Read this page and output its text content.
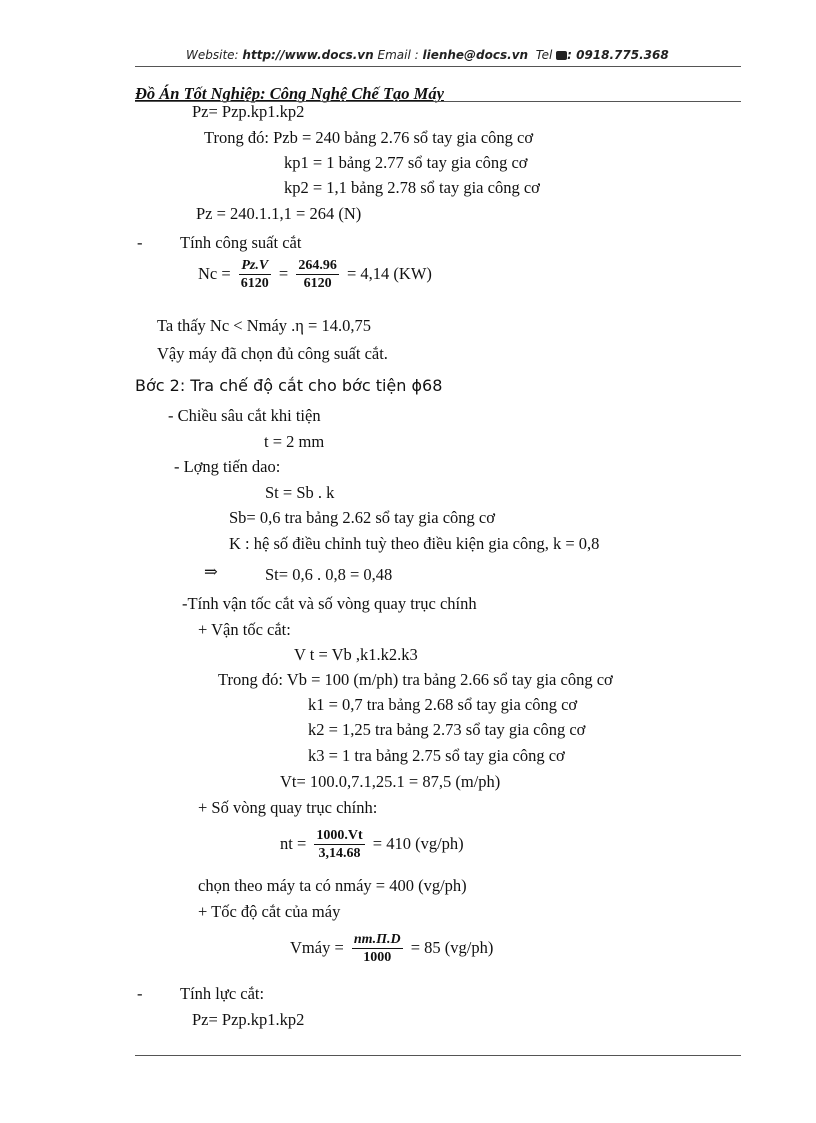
Website: http://www.docs.vn Email : lienhe@docs.vn Tel : 0918.775.368
Đồ Án Tốt Nghiệp: Công Nghệ Chế Tạo Máy
Pz= Pzp.kp1.kp2
Trong đó: Pzb = 240 bảng 2.76 sổ tay gia công cơ
kp1 = 1 bảng 2.77 sổ tay gia công cơ
kp2 = 1,1 bảng 2.78 sổ tay gia công cơ
Pz = 240.1.1,1 = 264 (N)
- Tính công suất cắt
$Nc = \frac{Pz.V}{6120} = \frac{264.96}{6120} = 4,14$ (KW)
Ta thấy Nc < Nmáy .η = 14.0,75
Vậy máy đã chọn đủ công suất cắt.
Bớc 2: Tra chế độ cắt cho bớc tiện ϕ68
- Chiều sâu cắt khi tiện
t = 2 mm
- Lợng tiến dao:
St = Sb . k
Sb= 0,6 tra bảng 2.62 sổ tay gia công cơ
K : hệ số điều chỉnh tuỳ theo điều kiện gia công, k = 0,8
⇒	St= 0,6 . 0,8 = 0,48
-Tính vận tốc cắt và số vòng quay trục chính
+ Vận tốc cắt:
V t = Vb ,k1.k2.k3
Trong đó: Vb = 100 (m/ph) tra bảng 2.66 sổ tay gia công cơ
k1 = 0,7 tra bảng 2.68 sổ tay gia công cơ
k2 = 1,25 tra bảng 2.73 sổ tay gia công cơ
k3 = 1 tra bảng 2.75 sổ tay gia công cơ
Vt= 100.0,7.1,25.1 = 87,5 (m/ph)
+ Số vòng quay trục chính:
nt = $\frac{1000.Vt}{3,14.68} = 410$ (vg/ph)
chọn theo máy ta có nmáy = 400 (vg/ph)
+ Tốc độ cắt của máy
Vmáy = $\frac{nm.\Pi.D}{1000} = 85$ (vg/ph)
- Tính lực cắt:
Pz= Pzp.kp1.kp2
